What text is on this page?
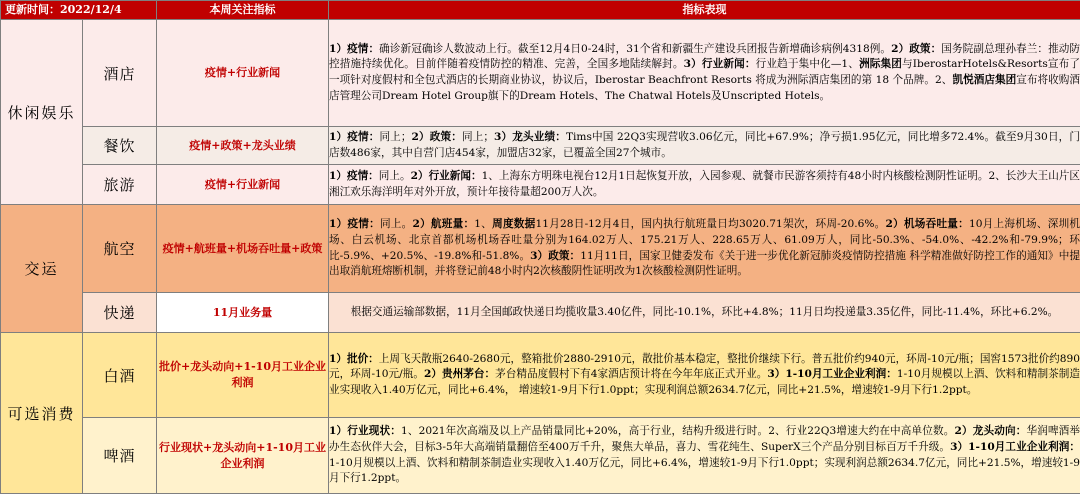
更新时间：2022/12/4		本周关注指标	指标表现
休闲娱乐	酒店	疫情+行业新闻	1）疫情：确诊新冠确诊人数波动上行。截至12月4日0-24时，31个省和新疆生产建设兵团报告新增确诊病例4318例。2）政策：国务院副总理孙春兰：推动防控措施持续优化。目前伴随着疫情防控的精准、完善，全国多地陆续解封。3）行业新闻：行业趋于集中化—1、洲际集团与IberostarHotels&Resorts宣布了一项针对度假村和全包式酒店的长期商业协议，协议后，Iberostar Beachfront Resorts 将成为洲际酒店集团的第 18 个品牌。2、凯悦酒店集团宣布将收购酒店管理公司Dream Hotel Group旗下的Dream Hotels、The Chatwal Hotels及Unscripted Hotels。
	餐饮	疫情+政策+龙头业绩	1）疫情：同上；2）政策：同上；3）龙头业绩：Tims中国 22Q3实现营收3.06亿元，同比+67.9%；净亏损1.95亿元，同比增多72.4%。截至9月30日，门店数486家，其中自营门店454家，加盟店32家，已覆盖全国27个城市。
	旅游	疫情+行业新闻	1）疫情：同上。2）行业新闻：1、上海东方明珠电视台12月1日起恢复开放，入园参观、就餐市民游客须持有48小时内核酸检测阴性证明。2、长沙大王山片区湘江欢乐海洋明年对外开放，预计年接待量超200万人次。
交运	航空	疫情+航班量+机场吞吐量+政策	1）疫情：同上。2）航班量：1、周度数据11月28日-12月4日，国内执行航班量日均3020.71架次，环周-20.6%。2）机场吞吐量：10月上海机场、深圳机场、白云机场、北京首都机场机场吞吐量分别为164.02万人、175.21万人、228.65万人、61.09万人，同比-50.3%、-54.0%、-42.2%和-79.9%；环比-5.9%、+20.5%、-19.8%和-51.8%。3）政策：11月11日，国家卫健委发布《关于进一步优化新冠肺炎疫情防控措施 科学精准做好防控工作的通知》中提出取消航班熔断机制，并将登记前48小时内2次核酸阴性证明改为1次核酸检测阴性证明。
	快递	11月业务量	根据交通运输部数据，11月全国邮政快递日均揽收量3.40亿件，同比-10.1%，环比+4.8%；11月日均投递量3.35亿件，同比-11.4%，环比+6.2%。
可选消费	白酒	批价+龙头动向+1-10月工业企业利润	1）批价：上周飞天散瓶2640-2680元，整箱批价2880-2910元，散批价基本稳定，整批价继续下行。普五批价约940元，环周-10元/瓶；国窖1573批价约890元，环周-10元/瓶。2）贵州茅台：茅台精品度假村下有4家酒店预计将在今年年底正式开业。3）1-10月工业企业利润：1-10月规模以上酒、饮料和精制茶制造业实现收入1.40万亿元，同比+6.4%， 增速较1-9月下行1.0ppt；实现利润总额2634.7亿元，同比+21.5%，增速较1-9月下行1.2ppt。
	啤酒	行业现状+龙头动向+1-10月工业企业利润	1）行业现状：1、2021年次高端及以上产品销量同比+20%，高于行业，结构升级进行时。2、行业22Q3增速大约在中高单位数。2）龙头动向：华润啤酒举办生态伙伴大会，目标3-5年大高端销量翻倍至400万千升，聚焦大单品，喜力、雪花纯生、SuperX三个产品分别目标百万千升级。3）1-10月工业企业利润：1-10月规模以上酒、饮料和精制茶制造业实现收入1.40万亿元，同比+6.4%，增速较1-9月下行1.0ppt；实现利润总额2634.7亿元，同比+21.5%，增速较1-9月下行1.2ppt。
